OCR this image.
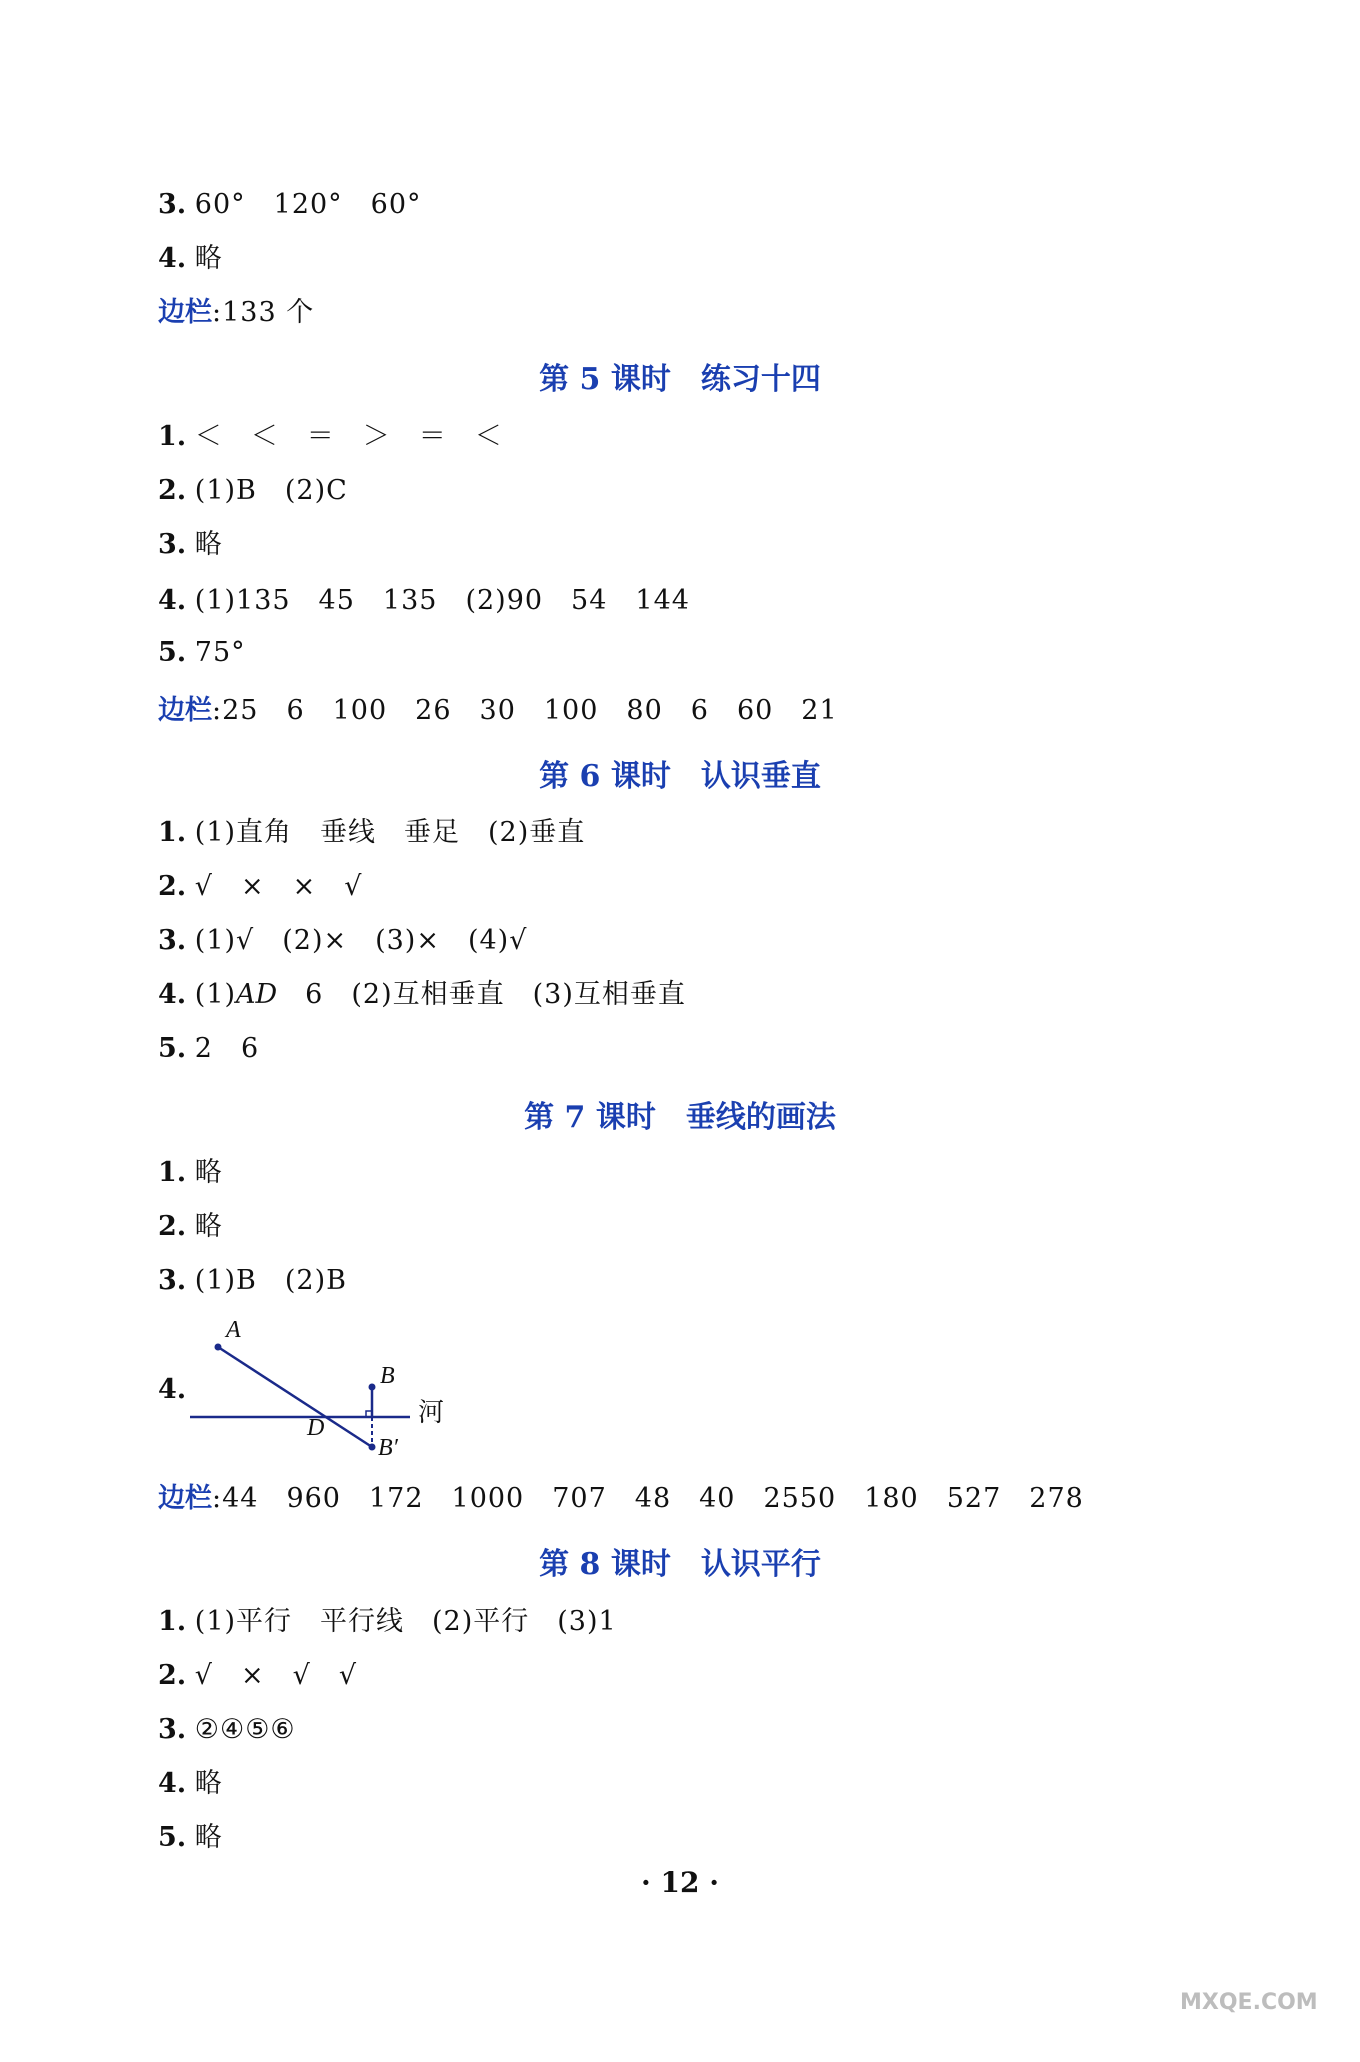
3. 60°　120°　60°
4. 略
边栏:133 个
第 5 课时　练习十四
1. ＜　＜　＝　＞　＝　＜
2. (1)B　(2)C
3. 略
4. (1)135　45　135　(2)90　54　144
5. 75°
边栏:25　6　100　26　30　100　80　6　60　21
第 6 课时　认识垂直
1. (1)直角　垂线　垂足　(2)垂直
2. √　×　×　√
3. (1)√　(2)×　(3)×　(4)√
4. (1)AD　6　(2)互相垂直　(3)互相垂直
5. 2　6
第 7 课时　垂线的画法
1. 略
2. 略
3. (1)B　(2)B
4.
A
B
D
B′
河
边栏:44　960　172　1000　707　48　40　2550　180　527　278
第 8 课时　认识平行
1. (1)平行　平行线　(2)平行　(3)1
2. √　×　√　√
3. ②④⑤⑥
4. 略
5. 略
· 12 ·
MXQE.COM
